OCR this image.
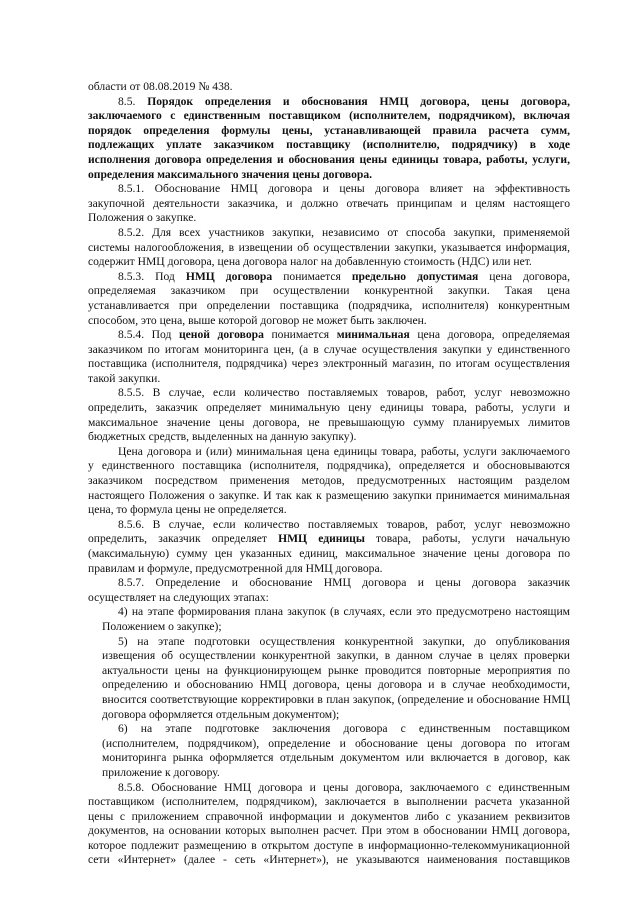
области от 08.08.2019 № 438.
8.5. Порядок определения и обоснования НМЦ договора, цены договора,
заключаемого с единственным поставщиком (исполнителем, подрядчиком), включая
порядок определения формулы цены, устанавливающей правила расчета сумм,
подлежащих уплате заказчиком поставщику (исполнителю, подрядчику) в ходе
исполнения договора определения и обоснования цены единицы товара, работы, услуги,
определения максимального значения цены договора.
8.5.1. Обоснование НМЦ договора и цены договора влияет на эффективность
закупочной деятельности заказчика, и должно отвечать принципам и целям настоящего
Положения о закупке.
8.5.2. Для всех участников закупки, независимо от способа закупки, применяемой
системы налогообложения, в извещении об осуществлении закупки, указывается информация,
содержит НМЦ договора, цена договора налог на добавленную стоимость (НДС) или нет.
8.5.3. Под НМЦ договора понимается предельно допустимая цена договора,
определяемая заказчиком при осуществлении конкурентной закупки. Такая цена
устанавливается при определении поставщика (подрядчика, исполнителя) конкурентным
способом, это цена, выше которой договор не может быть заключен.
8.5.4. Под ценой договора понимается минимальная цена договора, определяемая
заказчиком по итогам мониторинга цен, (а в случае осуществления закупки у единственного
поставщика (исполнителя, подрядчика) через электронный магазин, по итогам осуществления
такой закупки.
8.5.5. В случае, если количество поставляемых товаров, работ, услуг невозможно
определить, заказчик определяет минимальную цену единицы товара, работы, услуги и
максимальное значение цены договора, не превышающую сумму планируемых лимитов
бюджетных средств, выделенных на данную закупку).
Цена договора и (или) минимальная цена единицы товара, работы, услуги заключаемого
у единственного поставщика (исполнителя, подрядчика), определяется и обосновываются
заказчиком посредством применения методов, предусмотренных настоящим разделом
настоящего Положения о закупке. И так как к размещению закупки принимается минимальная
цена, то формула цены не определяется.
8.5.6. В случае, если количество поставляемых товаров, работ, услуг невозможно
определить, заказчик определяет НМЦ единицы товара, работы, услуги начальную
(максимальную) сумму цен указанных единиц, максимальное значение цены договора по
правилам и формуле, предусмотренной для НМЦ договора.
8.5.7. Определение и обоснование НМЦ договора и цены договора заказчик
осуществляет на следующих этапах:
4) на этапе формирования плана закупок (в случаях, если это предусмотрено настоящим
Положением о закупке);
5) на этапе подготовки осуществления конкурентной закупки, до опубликования
извещения об осуществлении конкурентной закупки, в данном случае в целях проверки
актуальности цены на функционирующем рынке проводится повторные мероприятия по
определению и обоснованию НМЦ договора, цены договора и в случае необходимости,
вносится соответствующие корректировки в план закупок, (определение и обоснование НМЦ
договора оформляется отдельным документом);
6) на этапе подготовке заключения договора с единственным поставщиком
(исполнителем, подрядчиком), определение и обоснование цены договора по итогам
мониторинга рынка оформляется отдельным документом или включается в договор, как
приложение к договору.
8.5.8. Обоснование НМЦ договора и цены договора, заключаемого с единственным
поставщиком (исполнителем, подрядчиком), заключается в выполнении расчета указанной
цены с приложением справочной информации и документов либо с указанием реквизитов
документов, на основании которых выполнен расчет. При этом в обосновании НМЦ договора,
которое подлежит размещению в открытом доступе в информационно-телекоммуникационной
сети «Интернет» (далее - сеть «Интернет»), не указываются наименования поставщиков
